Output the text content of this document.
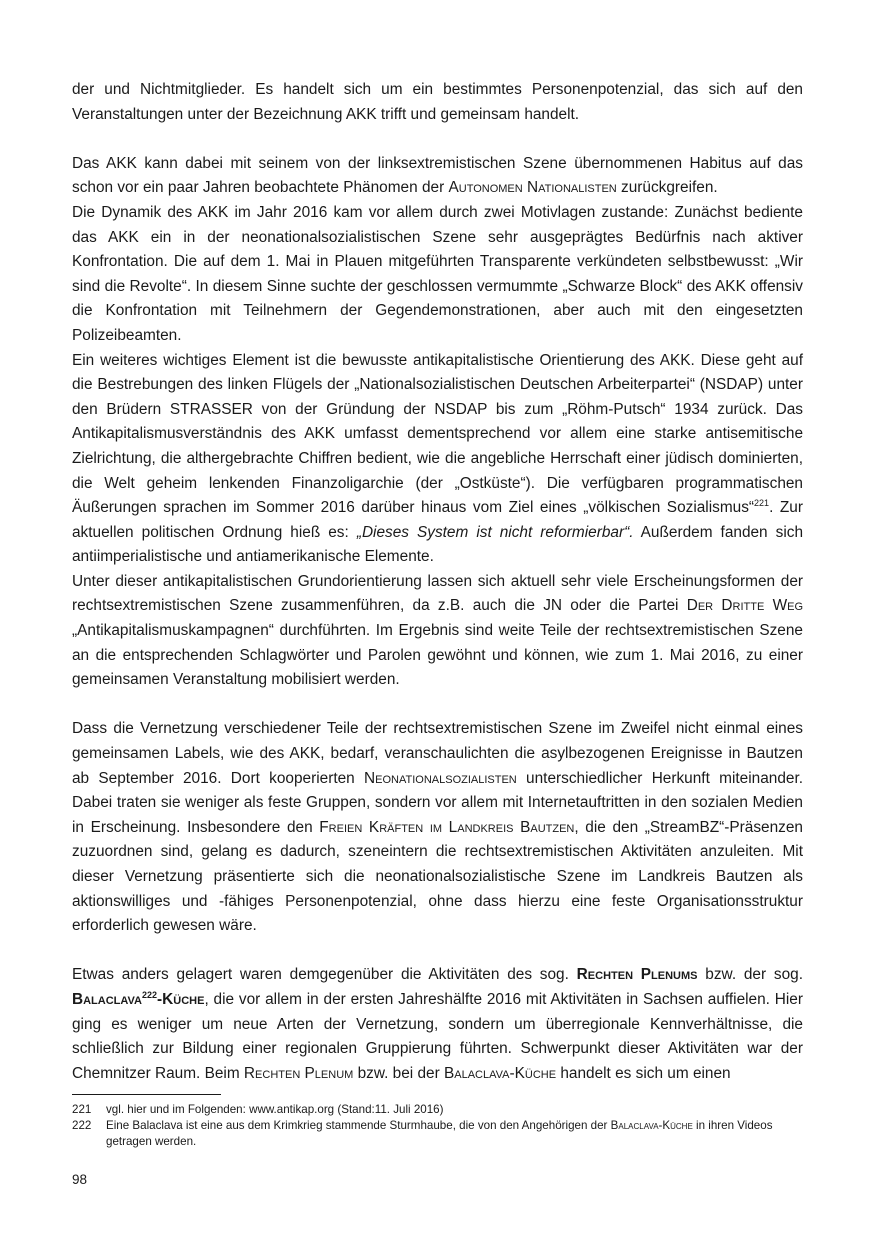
der und Nichtmitglieder. Es handelt sich um ein bestimmtes Personenpotenzial, das sich auf den Veranstaltungen unter der Bezeichnung AKK trifft und gemeinsam handelt.

Das AKK kann dabei mit seinem von der linksextremistischen Szene übernommenen Habitus auf das schon vor ein paar Jahren beobachtete Phänomen der Autonomen Nationalisten zurückgreifen.

Die Dynamik des AKK im Jahr 2016 kam vor allem durch zwei Motivlagen zustande: Zunächst bediente das AKK ein in der neonationalsozialistischen Szene sehr ausgeprägtes Bedürfnis nach aktiver Konfrontation. Die auf dem 1. Mai in Plauen mitgeführten Transparente verkündeten selbstbewusst: „Wir sind die Revolte“. In diesem Sinne suchte der geschlossen vermummte „Schwarze Block“ des AKK offensiv die Konfrontation mit Teilnehmern der Gegendemonstrationen, aber auch mit den eingesetzten Polizeibeamten.

Ein weiteres wichtiges Element ist die bewusste antikapitalistische Orientierung des AKK. Diese geht auf die Bestrebungen des linken Flügels der „Nationalsozialistischen Deutschen Arbeiterpartei“ (NSDAP) unter den Brüdern STRASSER von der Gründung der NSDAP bis zum „Röhm-Putsch“ 1934 zurück. Das Antikapitalismusverständnis des AKK umfasst dementsprechend vor allem eine starke antisemitische Zielrichtung, die althergebrachte Chiffren bedient, wie die angebliche Herrschaft einer jüdisch dominierten, die Welt geheim lenkenden Finanzoligarchie (der „Ostküste“). Die verfügbaren programmatischen Äußerungen sprachen im Sommer 2016 darüber hinaus vom Ziel eines „völkischen Sozialismus“$^{221}$. Zur aktuellen politischen Ordnung hieß es: „Dieses System ist nicht reformierbar“. Außerdem fanden sich antiimperialistische und antiamerikanische Elemente.

Unter dieser antikapitalistischen Grundorientierung lassen sich aktuell sehr viele Erscheinungsformen der rechtsextremistischen Szene zusammenführen, da z.B. auch die JN oder die Partei Der Dritte Weg „Antikapitalismuskampagnen“ durchführten. Im Ergebnis sind weite Teile der rechtsextremistischen Szene an die entsprechenden Schlagwörter und Parolen gewöhnt und können, wie zum 1. Mai 2016, zu einer gemeinsamen Veranstaltung mobilisiert werden.

Dass die Vernetzung verschiedener Teile der rechtsextremistischen Szene im Zweifel nicht einmal eines gemeinsamen Labels, wie des AKK, bedarf, veranschaulichten die asylbezogenen Ereignisse in Bautzen ab September 2016. Dort kooperierten Neonationalsozialisten unterschiedlicher Herkunft miteinander. Dabei traten sie weniger als feste Gruppen, sondern vor allem mit Internetauftritten in den sozialen Medien in Erscheinung. Insbesondere den Freien Kräften im Landkreis Bautzen, die den „StreamBZ“-Präsenzen zuzuordnen sind, gelang es dadurch, szeneintern die rechtsextremistischen Aktivitäten anzuleiten. Mit dieser Vernetzung präsentierte sich die neonationalsozialistische Szene im Landkreis Bautzen als aktionswilliges und -fähiges Personenpotenzial, ohne dass hierzu eine feste Organisationsstruktur erforderlich gewesen wäre.

Etwas anders gelagert waren demgegenüber die Aktivitäten des sog. Rechten Plenums bzw. der sog. Balaclava$^{222}$-Küche, die vor allem in der ersten Jahreshälfte 2016 mit Aktivitäten in Sachsen auffielen. Hier ging es weniger um neue Arten der Vernetzung, sondern um überregionale Kennverhältnisse, die schließlich zur Bildung einer regionalen Gruppierung führten. Schwerpunkt dieser Aktivitäten war der Chemnitzer Raum. Beim Rechten Plenum bzw. bei der Balaclava-Küche handelt es sich um einen

221	vgl. hier und im Folgenden: www.antikap.org (Stand:11. Juli 2016)
222	Eine Balaclava ist eine aus dem Krimkrieg stammende Sturmhaube, die von den Angehörigen der Balaclava-Küche in ihren Videos getragen werden.
98
